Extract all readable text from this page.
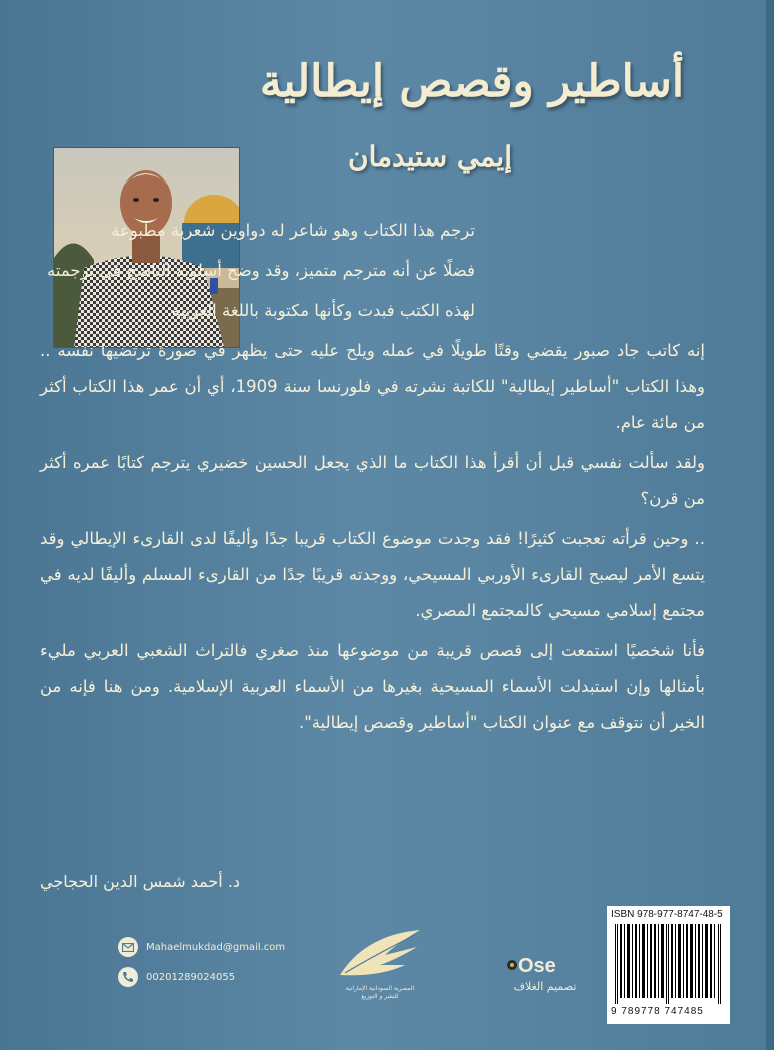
أساطير وقصص إيطالية
إيمي ستيدمان

ترجم هذا الكتاب وهو شاعر له دواوين شعرية مطبوعة

فضلًا عن أنه مترجم متميز، وقد وضح أسلوبه الناضج في ترجمته

لهذه الكتب فبدت وكأنها مكتوبة باللغة العربية.

إنه كاتب جاد صبور يقضي وقتًا طويلًا في عمله ويلح عليه حتى يظهر في صورة ترتضيها نفسه .. وهذا الكتاب "أساطير إيطالية" للكاتبة نشرته في فلورنسا سنة 1909، أي أن عمر هذا الكتاب أكثر من مائة عام.

ولقد سألت نفسي قبل أن أقرأ هذا الكتاب ما الذي يجعل الحسين خضيري يترجم كتابًا عمره أكثر من قرن؟

.. وحين قرأته تعجبت كثيرًا! فقد وجدت موضوع الكتاب قريبا جدًا وأليفًا لدى القارىء الإيطالي وقد يتسع الأمر ليصبح القارىء الأوربي المسيحي، ووجدته قريبًا جدًا من القارىء المسلم وأليفًا لديه في مجتمع إسلامي مسيحي كالمجتمع المصري.

فأنا شخصيًا استمعت إلى قصص قريبة من موضوعها منذ صغري فالتراث الشعبي العربي مليء بأمثالها وإن استبدلت الأسماء المسيحية بغيرها من الأسماء العربية الإسلامية. ومن هنا فإنه من الخير أن نتوقف مع عنوان الكتاب "أساطير وقصص إيطالية".

د. أحمد شمس الدين الحجاجي
Mahaelmukdad@gmail.com
00201289024055
المصرية السودانية الإماراتية
للنشر و التوزيع
Ose
تصميم الغلاف
ISBN 978-977-8747-48-5
9 789778 747485
